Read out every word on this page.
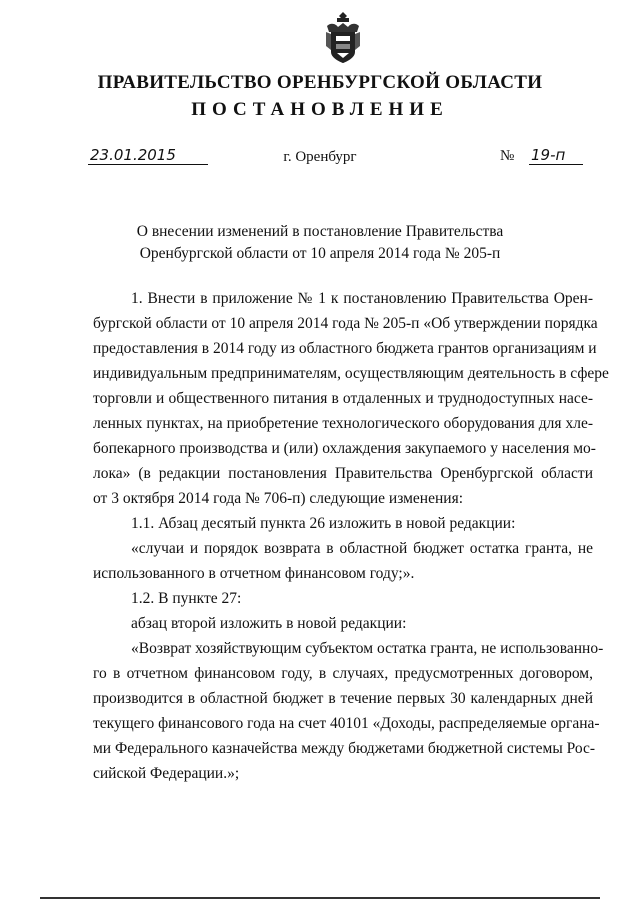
ПРАВИТЕЛЬСТВО ОРЕНБУРГСКОЙ ОБЛАСТИ
ПОСТАНОВЛЕНИЕ
23.01.2015	г. Оренбург	№ 19-п
О внесении изменений в постановление Правительства
Оренбургской области от 10 апреля 2014 года № 205-п
1. Внести в приложение № 1 к постановлению Правительства Орен-
бургской области от 10 апреля 2014 года № 205-п «Об утверждении порядка
предоставления в 2014 году из областного бюджета грантов организациям и
индивидуальным предпринимателям, осуществляющим деятельность в сфере
торговли и общественного питания в отдаленных и труднодоступных насе-
ленных пунктах, на приобретение технологического оборудования для хле-
бопекарного производства и (или) охлаждения закупаемого у населения мо-
лока» (в редакции постановления Правительства Оренбургской области
от 3 октября 2014 года № 706-п) следующие изменения:
1.1. Абзац десятый пункта 26 изложить в новой редакции:
«случаи и порядок возврата в областной бюджет остатка гранта, не
использованного в отчетном финансовом году;».
1.2. В пункте 27:
абзац второй изложить в новой редакции:
«Возврат хозяйствующим субъектом остатка гранта, не использованно-
го в отчетном финансовом году, в случаях, предусмотренных договором,
производится в областной бюджет в течение первых 30 календарных дней
текущего финансового года на счет 40101 «Доходы, распределяемые органа-
ми Федерального казначейства между бюджетами бюджетной системы Рос-
сийской Федерации.»;
